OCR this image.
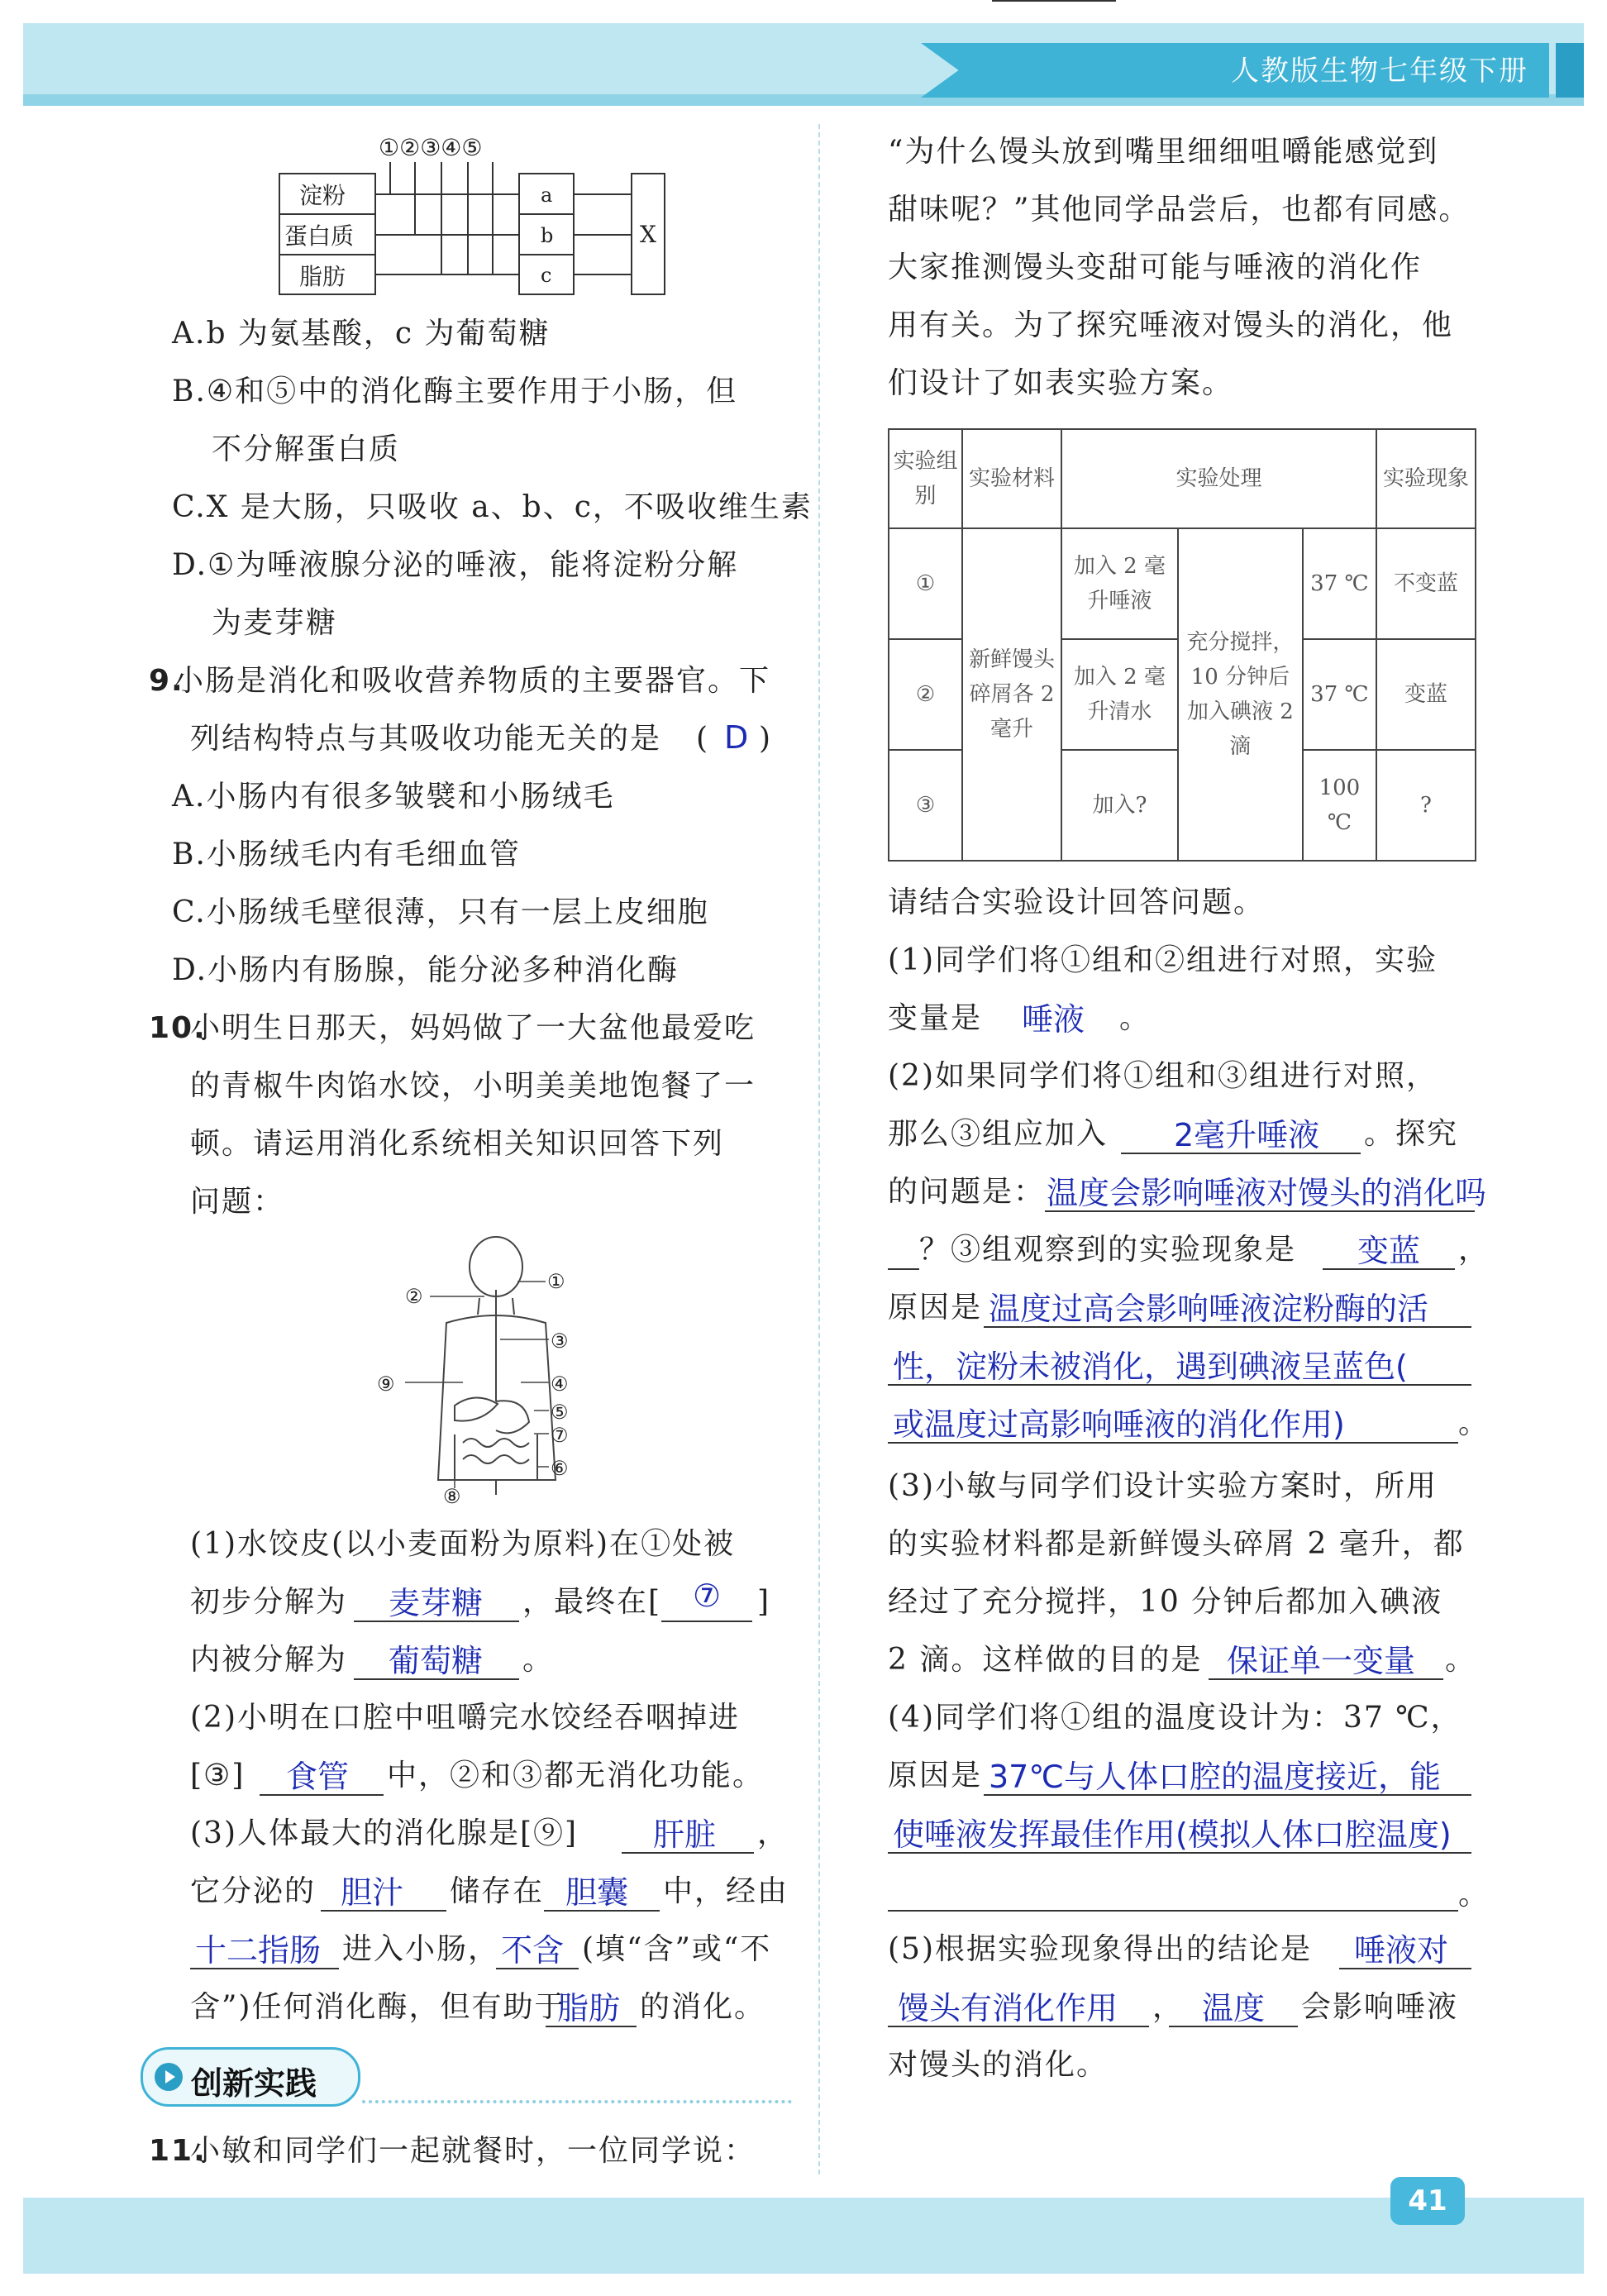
人教版生物七年级下册
41
①②③④⑤
淀粉
蛋白质
脂肪
a
b
c
X
A.b 为氨基酸，c 为葡萄糖
B.④和⑤中的消化酶主要作用于小肠，但
不分解蛋白质
C.X 是大肠，只吸收 a、b、c，不吸收维生素
D.①为唾液腺分泌的唾液，能将淀粉分解
为麦芽糖
9.
小肠是消化和吸收营养物质的主要器官。下
列结构特点与其吸收功能无关的是 ( D )
A.小肠内有很多皱襞和小肠绒毛
B.小肠绒毛内有毛细血管
C.小肠绒毛壁很薄，只有一层上皮细胞
D.小肠内有肠腺，能分泌多种消化酶
10.
小明生日那天，妈妈做了一大盆他最爱吃
的青椒牛肉馅水饺，小明美美地饱餐了一
顿。请运用消化系统相关知识回答下列
问题：
②
①
③
⑨	④
⑤
⑦
⑥
⑧
(1)水饺皮(以小麦面粉为原料)在①处被
初步分解为 麦芽糖 ，最终在[ ⑦ ]
内被分解为 葡萄糖 。
(2)小明在口腔中咀嚼完水饺经吞咽掉进
[③] 食管 中，②和③都无消化功能。
(3)人体最大的消化腺是[⑨] 肝脏 ，
它分泌的 胆汁 储存在 胆囊 中，经由
十二指肠 进入小肠， 不含 (填“含”或“不
含”)任何消化酶，但有助于
脂肪 的消化。
创新实践
11.
小敏和同学们一起就餐时，一位同学说：
“为什么馒头放到嘴里细细咀嚼能感觉到
甜味呢？”其他同学品尝后，也都有同感。
大家推测馒头变甜可能与唾液的消化作
用有关。为了探究唾液对馒头的消化，他
们设计了如表实验方案。
实验组别	实验材料	实验处理			实验现象
①	新鲜馒头碎屑各 2 毫升	加入 2 毫升唾液	充分搅拌，10 分钟后加入碘液 2 滴	37 ℃	不变蓝
②		加入 2 毫升清水		37 ℃	变蓝
③		加入?		100 ℃	?
请结合实验设计回答问题。
(1)同学们将①组和②组进行对照，实验
变量是 唾液 。
(2)如果同学们将①组和③组进行对照，
那么③组应加入 2毫升唾液 。探究
的问题是： 温度会影响唾液对馒头的消化吗
？③组观察到的实验现象是 变蓝 ，
原因是 温度过高会影响唾液淀粉酶的活
性，淀粉未被消化，遇到碘液呈蓝色(
或温度过高影响唾液的消化作用)	。
(3)小敏与同学们设计实验方案时，所用
的实验材料都是新鲜馒头碎屑 2 毫升，都
经过了充分搅拌，10 分钟后都加入碘液
2 滴。这样做的目的是 保证单一变量 。
(4)同学们将①组的温度设计为：37 ℃，
原因是 37℃与人体口腔的温度接近，能
使唾液发挥最佳作用(模拟人体口腔温度)
。
(5)根据实验现象得出的结论是 唾液对
馒头有消化作用 ， 温度 会影响唾液
对馒头的消化。
